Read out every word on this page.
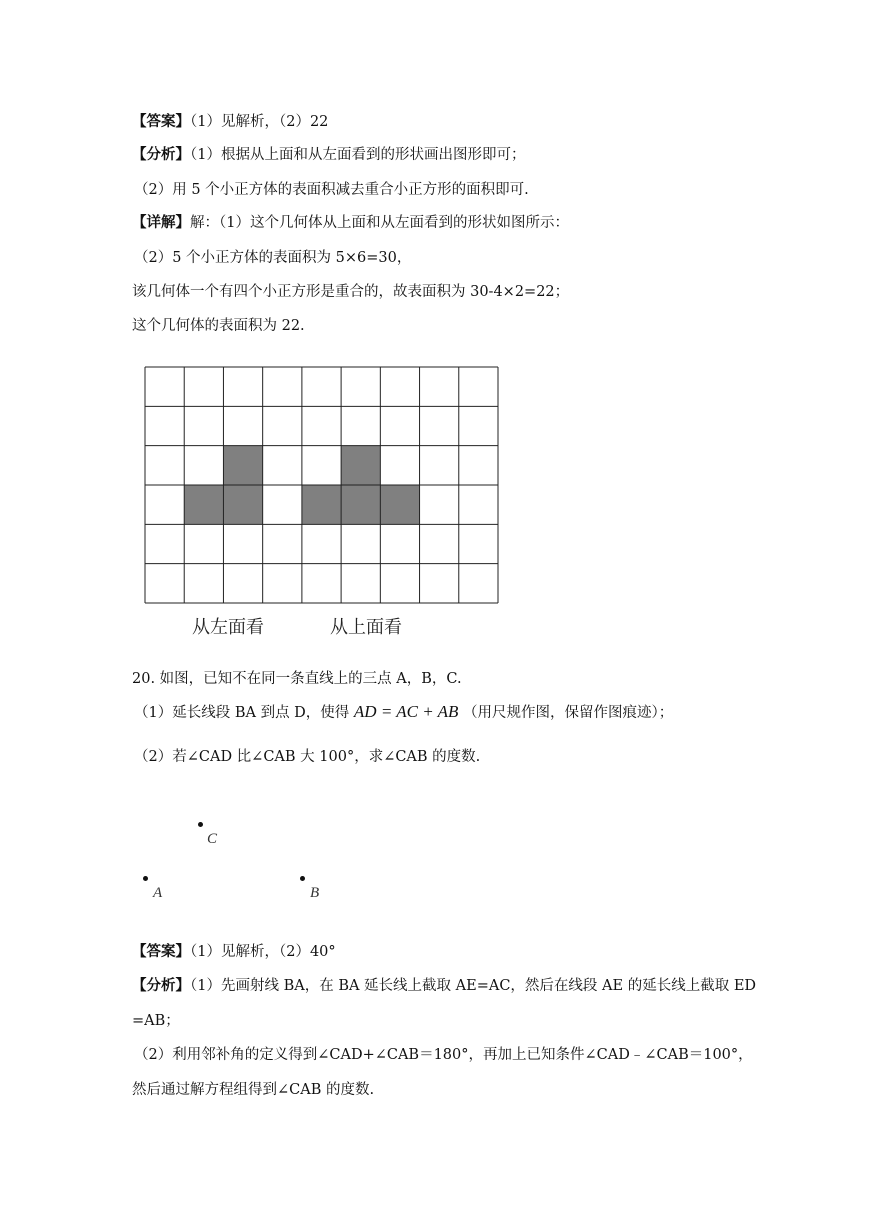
【答案】（1）见解析，（2）22
【分析】（1）根据从上面和从左面看到的形状画出图形即可；
（2）用 5 个小正方体的表面积减去重合小正方形的面积即可.
【详解】解：（1）这个几何体从上面和从左面看到的形状如图所示：
（2）5 个小正方体的表面积为 5×6=30，
该几何体一个有四个小正方形是重合的，故表面积为 30-4×2=22；
这个几何体的表面积为 22.
从左面看	从上面看
20. 如图，已知不在同一条直线上的三点 A，B，C.
（1）延长线段 BA 到点 D，使得 AD = AC + AB （用尺规作图，保留作图痕迹）；
（2）若∠CAD 比∠CAB 大 100°，求∠CAB 的度数.
C
A	B
【答案】（1）见解析，（2）40°
【分析】（1）先画射线 BA，在 BA 延长线上截取 AE=AC，然后在线段 AE 的延长线上截取 ED
=AB；
（2）利用邻补角的定义得到∠CAD+∠CAB＝180°，再加上已知条件∠CAD﹣∠CAB＝100°，
然后通过解方程组得到∠CAB 的度数.
